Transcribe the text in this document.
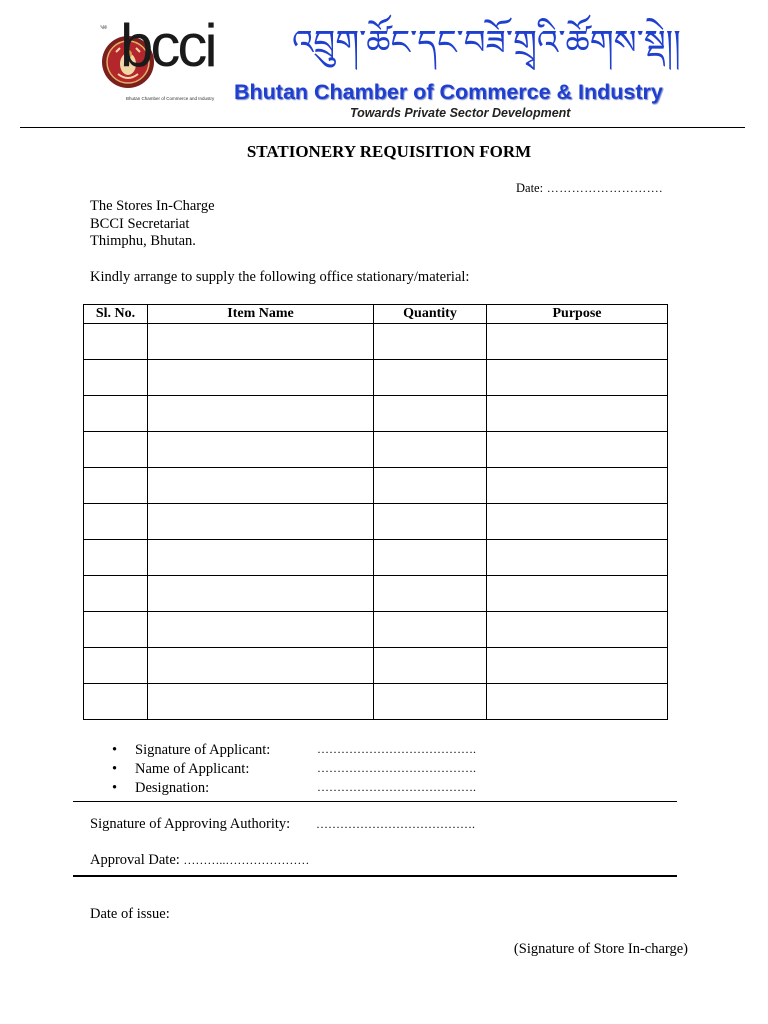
༄༅ bcci
Bhutan Chamber of Commerce and Industry
འབྲུག་ཚོང་དང་བཟོ་གྲྭའི་ཚོགས་སྡེ།།
Bhutan Chamber of Commerce & Industry
Towards Private Sector Development
STATIONERY REQUISITION FORM
Date: ……………………….
The Stores In-Charge
BCCI Secretariat
Thimphu, Bhutan.
Kindly arrange to supply the following office stationary/material:
Sl. No.	Item Name	Quantity	Purpose

• Signature of Applicant:	………………………………….
• Name of Applicant:	………………………………….
• Designation:	………………………………….
Signature of Approving Authority: ………………………………….
Approval Date: ………..…………………
Date of issue:
(Signature of Store In-charge)
